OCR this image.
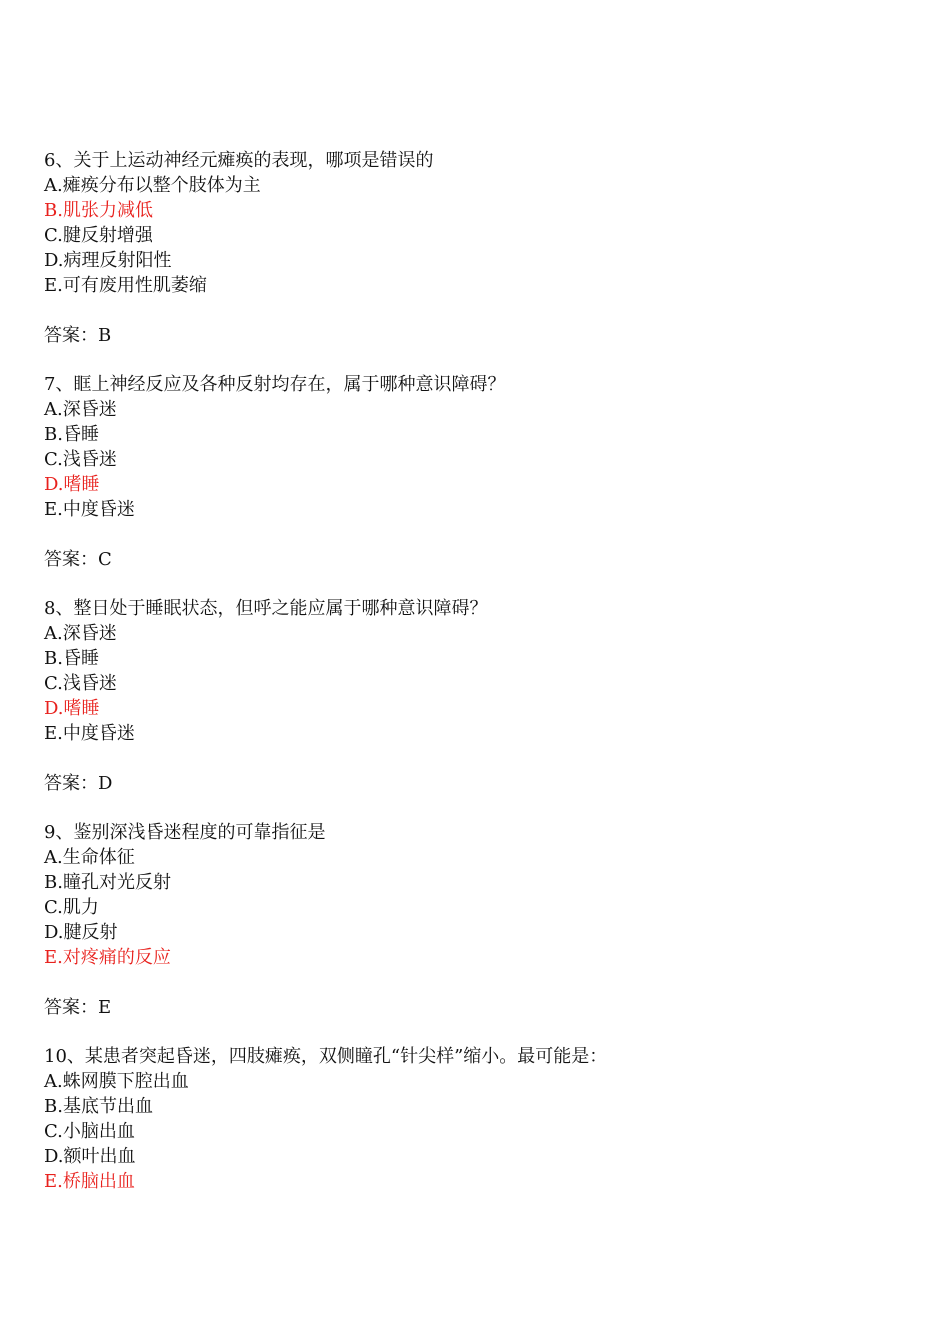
6、关于上运动神经元瘫痪的表现，哪项是错误的
A.瘫痪分布以整个肢体为主
B.肌张力减低
C.腱反射增强
D.病理反射阳性
E.可有废用性肌萎缩
答案：B
7、眶上神经反应及各种反射均存在，属于哪种意识障碍？
A.深昏迷
B.昏睡
C.浅昏迷
D.嗜睡
E.中度昏迷
答案：C
8、整日处于睡眠状态，但呼之能应属于哪种意识障碍？
A.深昏迷
B.昏睡
C.浅昏迷
D.嗜睡
E.中度昏迷
答案：D
9、鉴别深浅昏迷程度的可靠指征是
A.生命体征
B.瞳孔对光反射
C.肌力
D.腱反射
E.对疼痛的反应
答案：E
10、某患者突起昏迷，四肢瘫痪，双侧瞳孔“针尖样”缩小。最可能是：
A.蛛网膜下腔出血
B.基底节出血
C.小脑出血
D.额叶出血
E.桥脑出血
